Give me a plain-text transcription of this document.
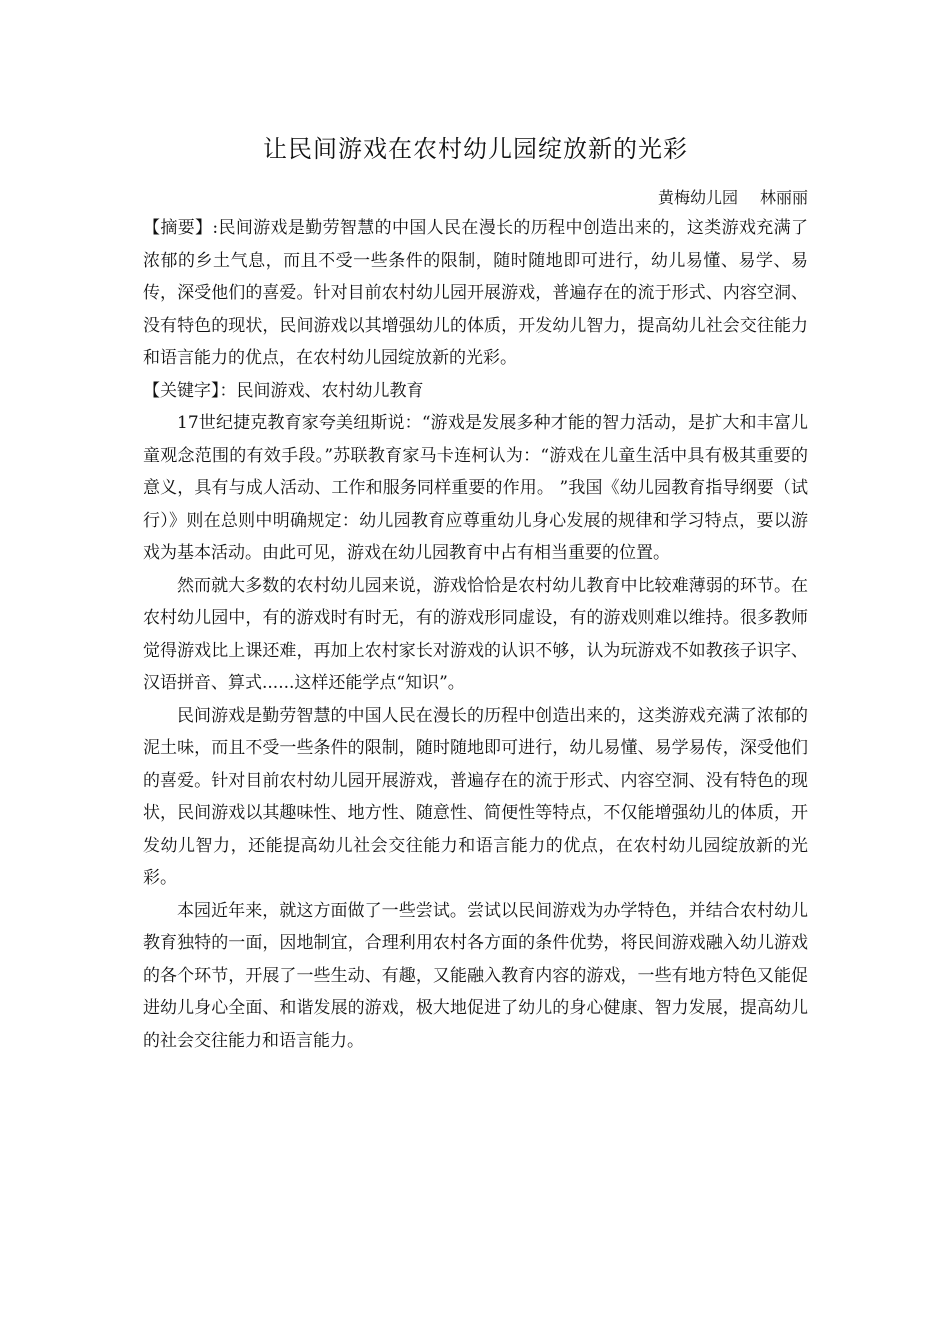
让民间游戏在农村幼儿园绽放新的光彩

黄梅幼儿园 林丽丽

【摘要】:民间游戏是勤劳智慧的中国人民在漫长的历程中创造出来的，这类游戏充满了浓郁的乡土气息，而且不受一些条件的限制，随时随地即可进行，幼儿易懂、易学、易传，深受他们的喜爱。针对目前农村幼儿园开展游戏，普遍存在的流于形式、内容空洞、没有特色的现状，民间游戏以其增强幼儿的体质，开发幼儿智力，提高幼儿社会交往能力和语言能力的优点，在农村幼儿园绽放新的光彩。

【关键字】：民间游戏、农村幼儿教育

17世纪捷克教育家夸美纽斯说：“游戏是发展多种才能的智力活动，是扩大和丰富儿童观念范围的有效手段。”苏联教育家马卡连柯认为：“游戏在儿童生活中具有极其重要的意义，具有与成人活动、工作和服务同样重要的作用。 ”我国《幼儿园教育指导纲要（试行）》则在总则中明确规定：幼儿园教育应尊重幼儿身心发展的规律和学习特点，要以游戏为基本活动。由此可见，游戏在幼儿园教育中占有相当重要的位置。

然而就大多数的农村幼儿园来说，游戏恰恰是农村幼儿教育中比较难薄弱的环节。在农村幼儿园中，有的游戏时有时无，有的游戏形同虚设，有的游戏则难以维持。很多教师觉得游戏比上课还难，再加上农村家长对游戏的认识不够，认为玩游戏不如教孩子识字、汉语拼音、算式......这样还能学点“知识”。

民间游戏是勤劳智慧的中国人民在漫长的历程中创造出来的，这类游戏充满了浓郁的泥土味，而且不受一些条件的限制，随时随地即可进行，幼儿易懂、易学易传，深受他们的喜爱。针对目前农村幼儿园开展游戏，普遍存在的流于形式、内容空洞、没有特色的现状，民间游戏以其趣味性、地方性、随意性、简便性等特点，不仅能增强幼儿的体质，开发幼儿智力，还能提高幼儿社会交往能力和语言能力的优点，在农村幼儿园绽放新的光彩。

本园近年来，就这方面做了一些尝试。尝试以民间游戏为办学特色，并结合农村幼儿教育独特的一面，因地制宜，合理利用农村各方面的条件优势，将民间游戏融入幼儿游戏的各个环节，开展了一些生动、有趣，又能融入教育内容的游戏，一些有地方特色又能促进幼儿身心全面、和谐发展的游戏，极大地促进了幼儿的身心健康、智力发展，提高幼儿的社会交往能力和语言能力。
